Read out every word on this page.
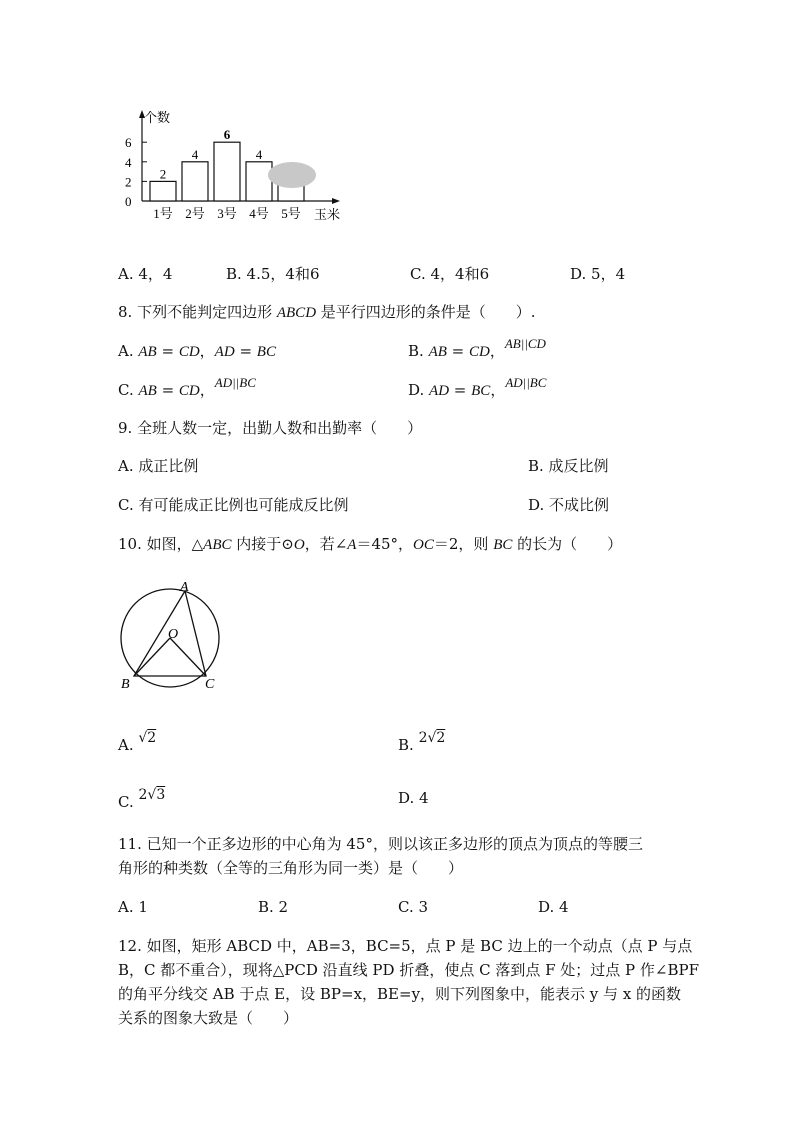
个数
玉米
0
2
4
6
2
1号
4
2号
6
3号
4
4号 5号
A. 4，4	B. 4.5，4和6	C. 4，4和6	D. 5，4
8. 下列不能判定四边形 ABCD 是平行四边形的条件是（　　）.
A. AB = CD，AD = BC	B. AB = CD，AB||CD
C. AB = CD，AD||BC	D. AD = BC，AD||BC
9. 全班人数一定，出勤人数和出勤率（　　）
A. 成正比例	B. 成反比例
C. 有可能成正比例也可能成反比例	D. 不成比例
10. 如图，△ABC 内接于⊙O，若∠A＝45°，OC＝2，则 BC 的长为（　　）
A
O
B	C
A. √2	B. 2√2
C. 2√3	D. 4
11. 已知一个正多边形的中心角为 45°，则以该正多边形的顶点为顶点的等腰三
角形的种类数（全等的三角形为同一类）是（　　）
A. 1	B. 2	C. 3	D. 4
12. 如图，矩形 ABCD 中，AB=3，BC=5，点 P 是 BC 边上的一个动点（点 P 与点
B，C 都不重合），现将△PCD 沿直线 PD 折叠，使点 C 落到点 F 处；过点 P 作∠BPF
的角平分线交 AB 于点 E，设 BP=x，BE=y，则下列图象中，能表示 y 与 x 的函数
关系的图象大致是（　　）
